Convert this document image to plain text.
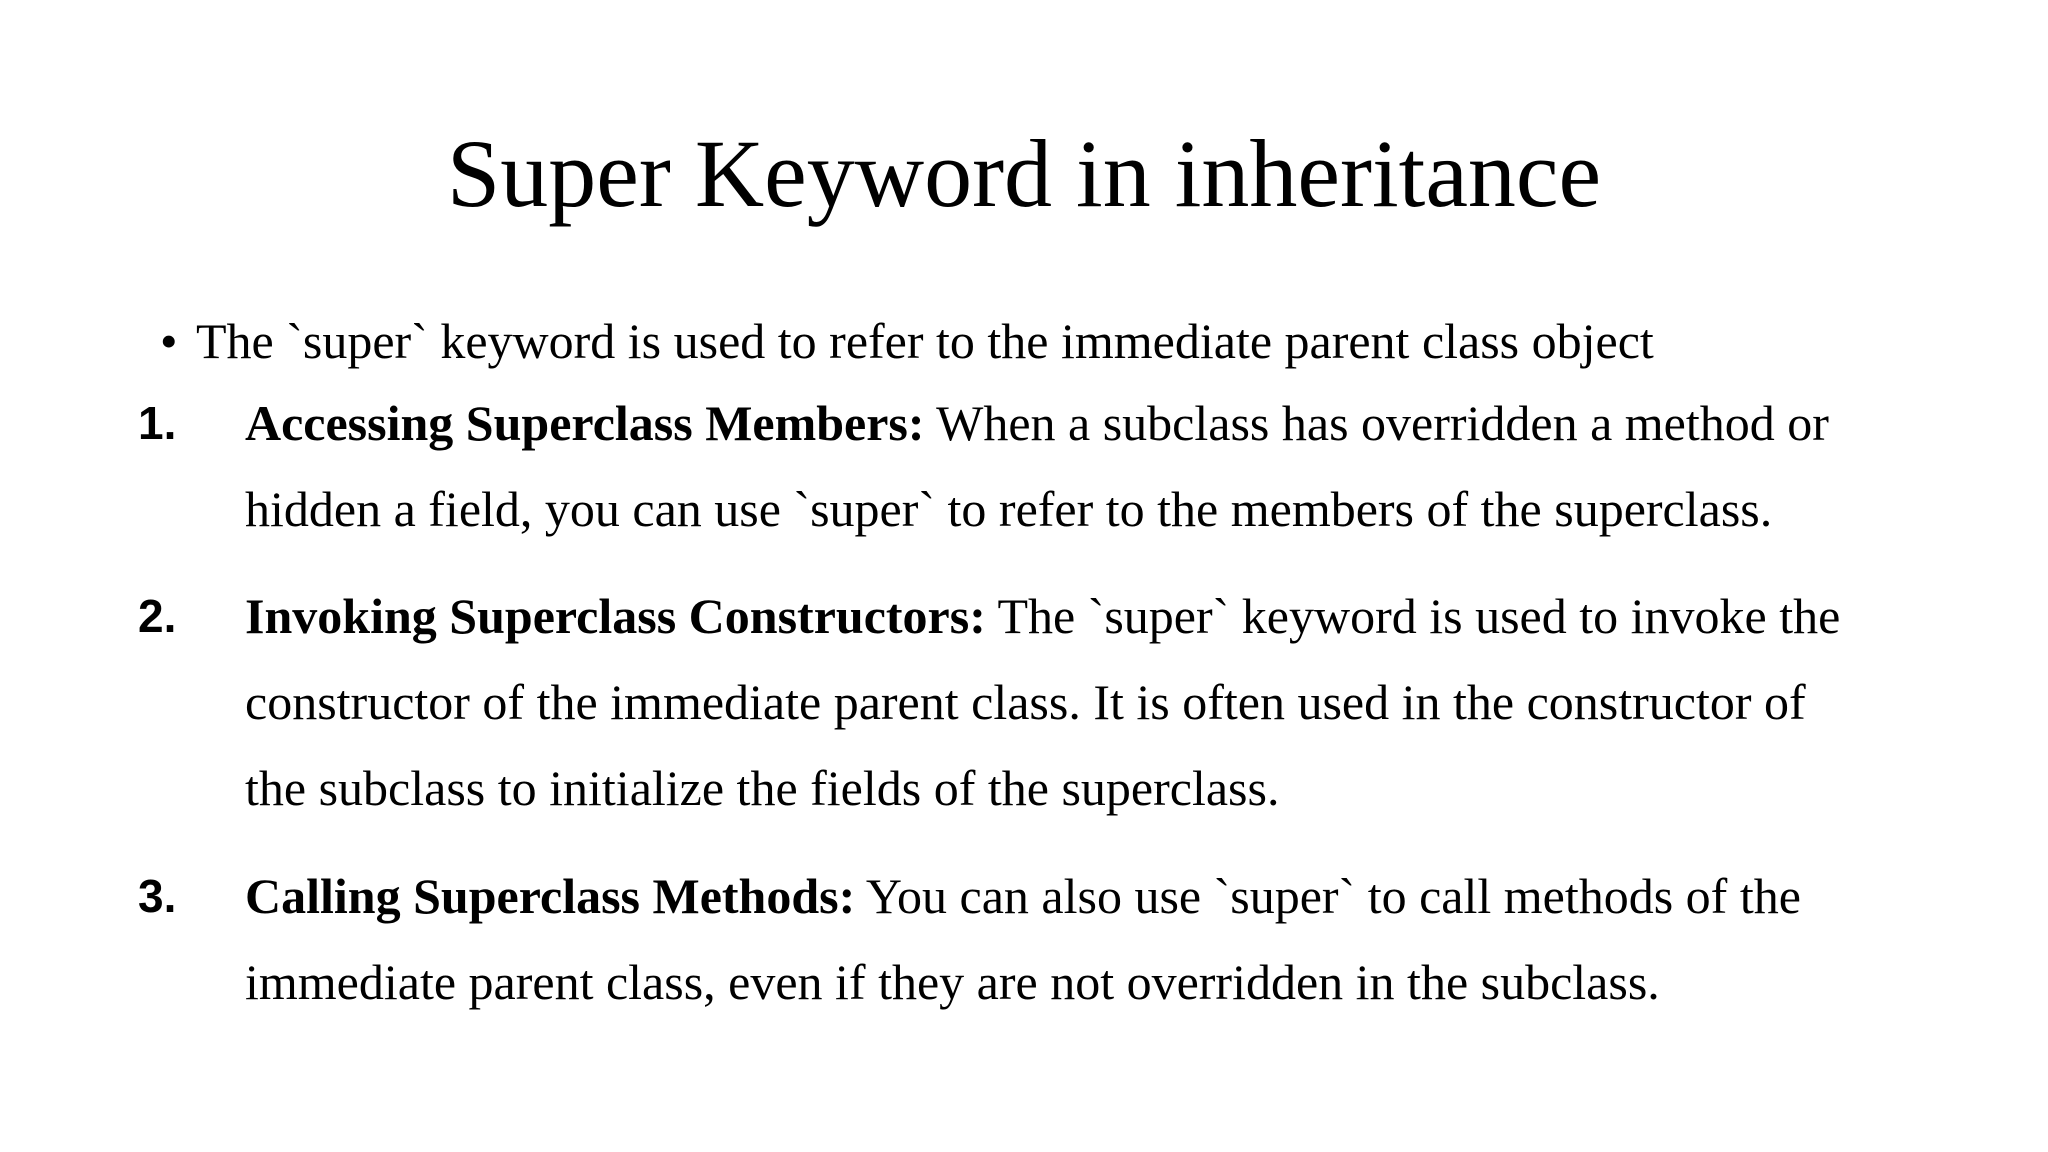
Super Keyword in inheritance
• The `super` keyword is used to refer to the immediate parent class object
1.	Accessing Superclass Members: When a subclass has overridden a method or

hidden a field, you can use `super` to refer to the members of the superclass.

2.	Invoking Superclass Constructors: The `super` keyword is used to invoke the

constructor of the immediate parent class. It is often used in the constructor of

the subclass to initialize the fields of the superclass.

3.	Calling Superclass Methods: You can also use `super` to call methods of the

immediate parent class, even if they are not overridden in the subclass.
